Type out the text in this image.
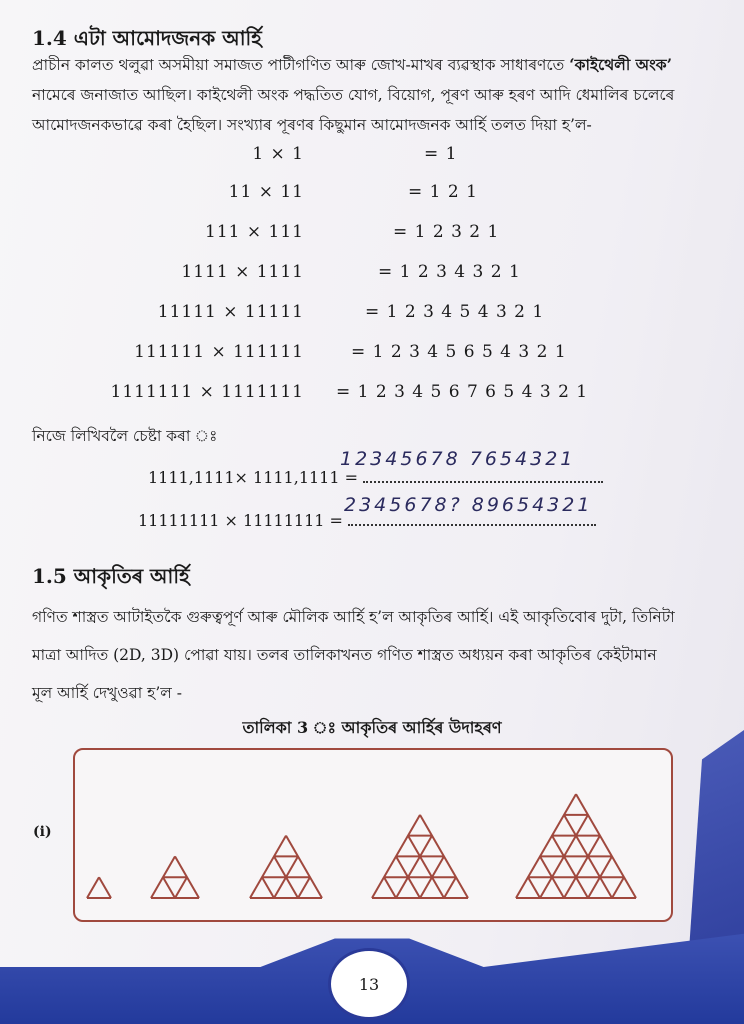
1.4 এটা আমোদজনক আৰ্হি
প্ৰাচীন কালত থলুৱা অসমীয়া সমাজত পাটীগণিত আৰু জোখ-মাখৰ ব্যৱস্থাক সাধাৰণতে ‘কাইথেলী অংক’
নামেৰে জনাজাত আছিল। কাইথেলী অংক পদ্ধতিত যোগ, বিয়োগ, পূৰণ আৰু হৰণ আদি ধেমালিৰ চলেৰে
আমোদজনকভাৱে কৰা হৈছিল। সংখ্যাৰ পূৰণৰ কিছুমান আমোদজনক আৰ্হি তলত দিয়া হ’ল-
1 × 1	= 1
11 × 11	= 1 2 1
111 × 111	= 1 2 3 2 1
1111 × 1111	= 1 2 3 4 3 2 1
11111 × 11111	= 1 2 3 4 5 4 3 2 1
111111 × 111111	= 1 2 3 4 5 6 5 4 3 2 1
1111111 × 1111111 = 1 2 3 4 5 6 7 6 5 4 3 2 1
নিজে লিখিবলৈ চেষ্টা কৰা ঃ
1111,1111× 1111,1111 =
12345678 7654321
11111111 × 11111111 =
2345678? 89654321
1.5 আকৃতিৰ আৰ্হি
গণিত শাস্ত্ৰত আটাইতকৈ গুৰুত্বপূৰ্ণ আৰু মৌলিক আৰ্হি হ’ল আকৃতিৰ আৰ্হি। এই আকৃতিবোৰ দুটা, তিনিটা
মাত্ৰা আদিত (2D, 3D) পোৱা যায়। তলৰ তালিকাখনত গণিত শাস্ত্ৰত অধ্যয়ন কৰা আকৃতিৰ কেইটামান
মূল আৰ্হি দেখুওৱা হ’ল -
তালিকা 3 ঃ আকৃতিৰ আৰ্হিৰ উদাহৰণ
(i)
13
